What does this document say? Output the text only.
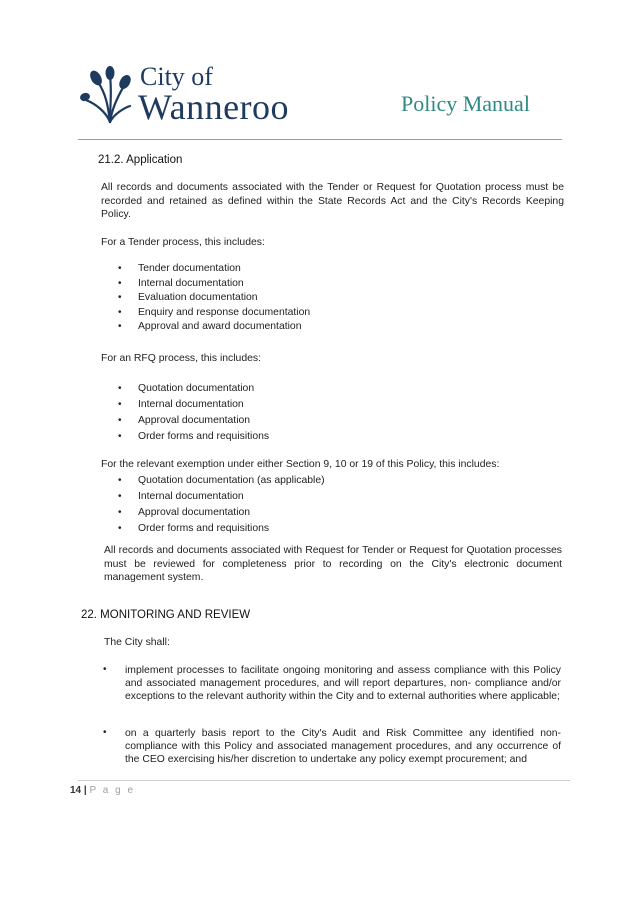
City of
Wanneroo	Policy Manual
21.2. Application
All records and documents associated with the Tender or Request for Quotation process must be recorded and retained as defined within the State Records Act and the City's Records Keeping Policy.
For a Tender process, this includes:
• Tender documentation
• Internal documentation
• Evaluation documentation
• Enquiry and response documentation
• Approval and award documentation
For an RFQ process, this includes:
• Quotation documentation
• Internal documentation
• Approval documentation
• Order forms and requisitions
For the relevant exemption under either Section 9, 10 or 19 of this Policy, this includes:
• Quotation documentation (as applicable)
• Internal documentation
• Approval documentation
• Order forms and requisitions
All records and documents associated with Request for Tender or Request for Quotation processes must be reviewed for completeness prior to recording on the City's electronic document management system.
22. MONITORING AND REVIEW
The City shall:
• implement processes to facilitate ongoing monitoring and assess compliance with this Policy and associated management procedures, and will report departures, non- compliance and/or exceptions to the relevant authority within the City and to external authorities where applicable;
• on a quarterly basis report to the City's Audit and Risk Committee any identified non- compliance with this Policy and associated management procedures, and any occurrence of the CEO exercising his/her discretion to undertake any policy exempt procurement; and
14 | P a g e
